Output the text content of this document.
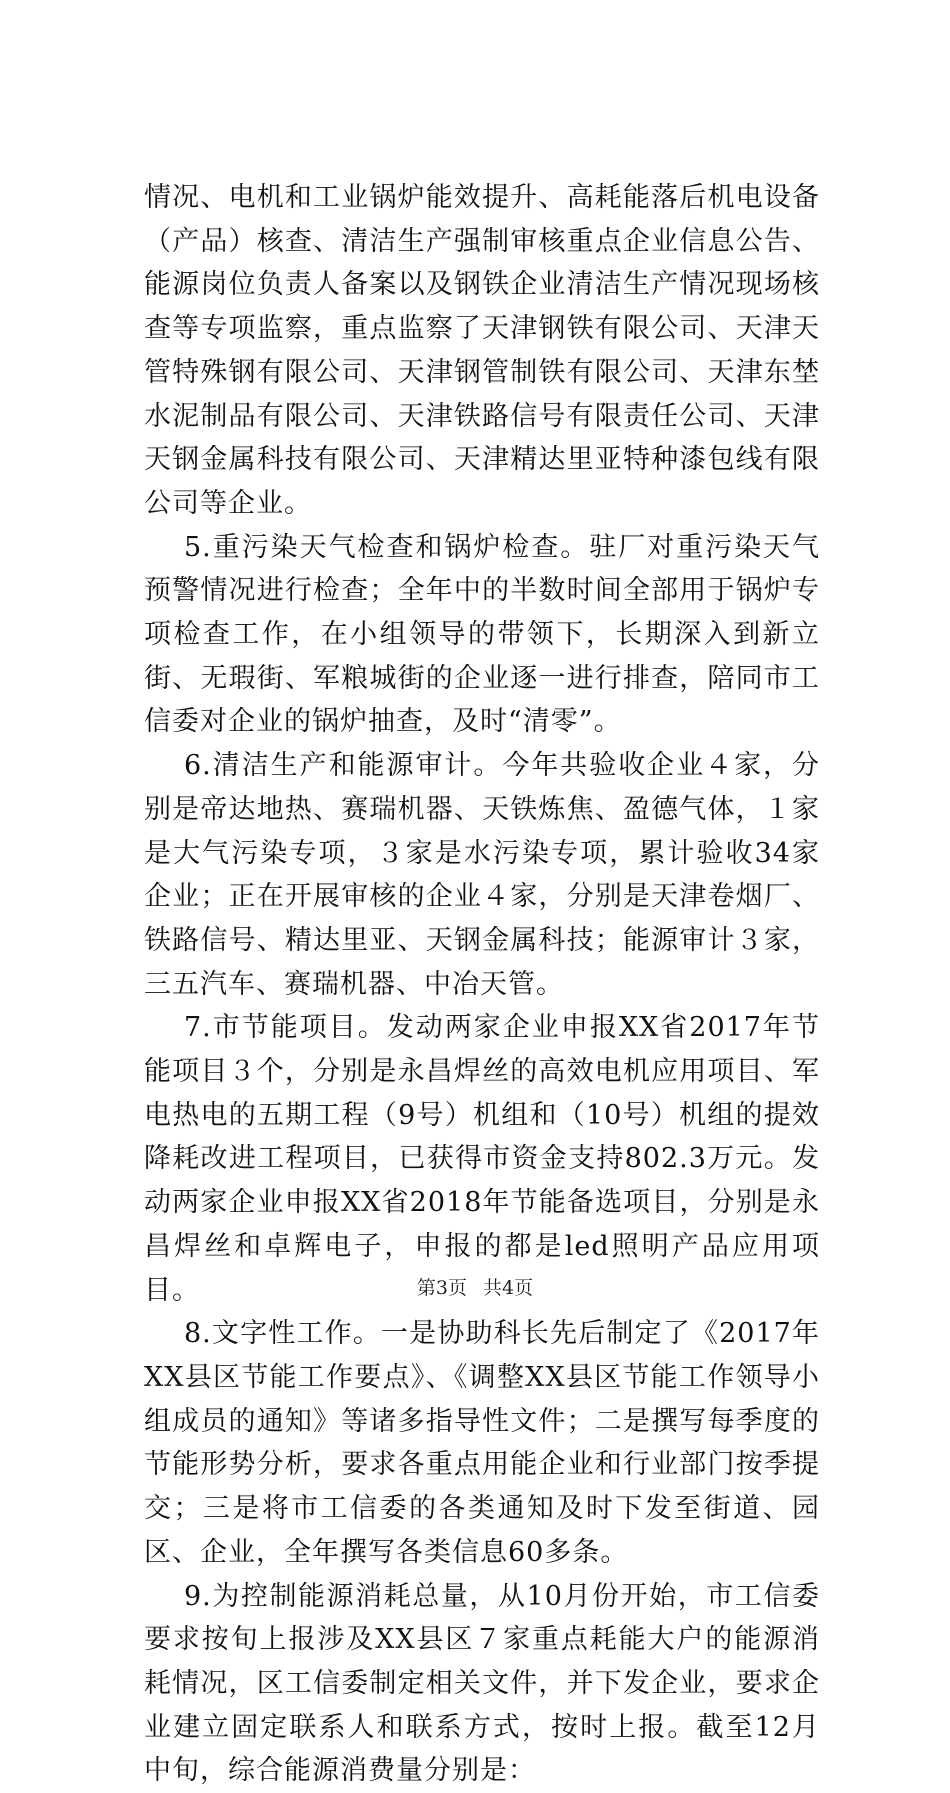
情况、电机和工业锅炉能效提升、高耗能落后机电设备（产品）核查、清洁生产强制审核重点企业信息公告、能源岗位负责人备案以及钢铁企业清洁生产情况现场核查等专项监察，重点监察了天津钢铁有限公司、天津天管特殊钢有限公司、天津钢管制铁有限公司、天津东埜水泥制品有限公司、天津铁路信号有限责任公司、天津天钢金属科技有限公司、天津精达里亚特种漆包线有限公司等企业。

5.重污染天气检查和锅炉检查。驻厂对重污染天气预警情况进行检查；全年中的半数时间全部用于锅炉专项检查工作，在小组领导的带领下，长期深入到新立街、无瑕街、军粮城街的企业逐一进行排查，陪同市工信委对企业的锅炉抽查，及时“清零”。

6.清洁生产和能源审计。今年共验收企业４家，分别是帝达地热、赛瑞机器、天铁炼焦、盈德气体，１家是大气污染专项，３家是水污染专项，累计验收34家企业；正在开展审核的企业４家，分别是天津卷烟厂、铁路信号、精达里亚、天钢金属科技；能源审计３家，三五汽车、赛瑞机器、中冶天管。

7.市节能项目。发动两家企业申报XX省2017年节能项目３个，分别是永昌焊丝的高效电机应用项目、军电热电的五期工程（9号）机组和（10号）机组的提效降耗改进工程项目，已获得市资金支持802.3万元。发动两家企业申报XX省2018年节能备选项目，分别是永昌焊丝和卓辉电子，申报的都是led照明产品应用项目。

8.文字性工作。一是协助科长先后制定了《2017年XX县区节能工作要点》、《调整XX县区节能工作领导小组成员的通知》等诸多指导性文件；二是撰写每季度的节能形势分析，要求各重点用能企业和行业部门按季提交；三是将市工信委的各类通知及时下发至街道、园区、企业，全年撰写各类信息60多条。

9.为控制能源消耗总量，从10月份开始，市工信委要求按旬上报涉及XX县区７家重点耗能大户的能源消耗情况，区工信委制定相关文件，并下发企业，要求企业建立固定联系人和联系方式，按时上报。截至12月中旬，综合能源消费量分别是：

第3页 共4页
